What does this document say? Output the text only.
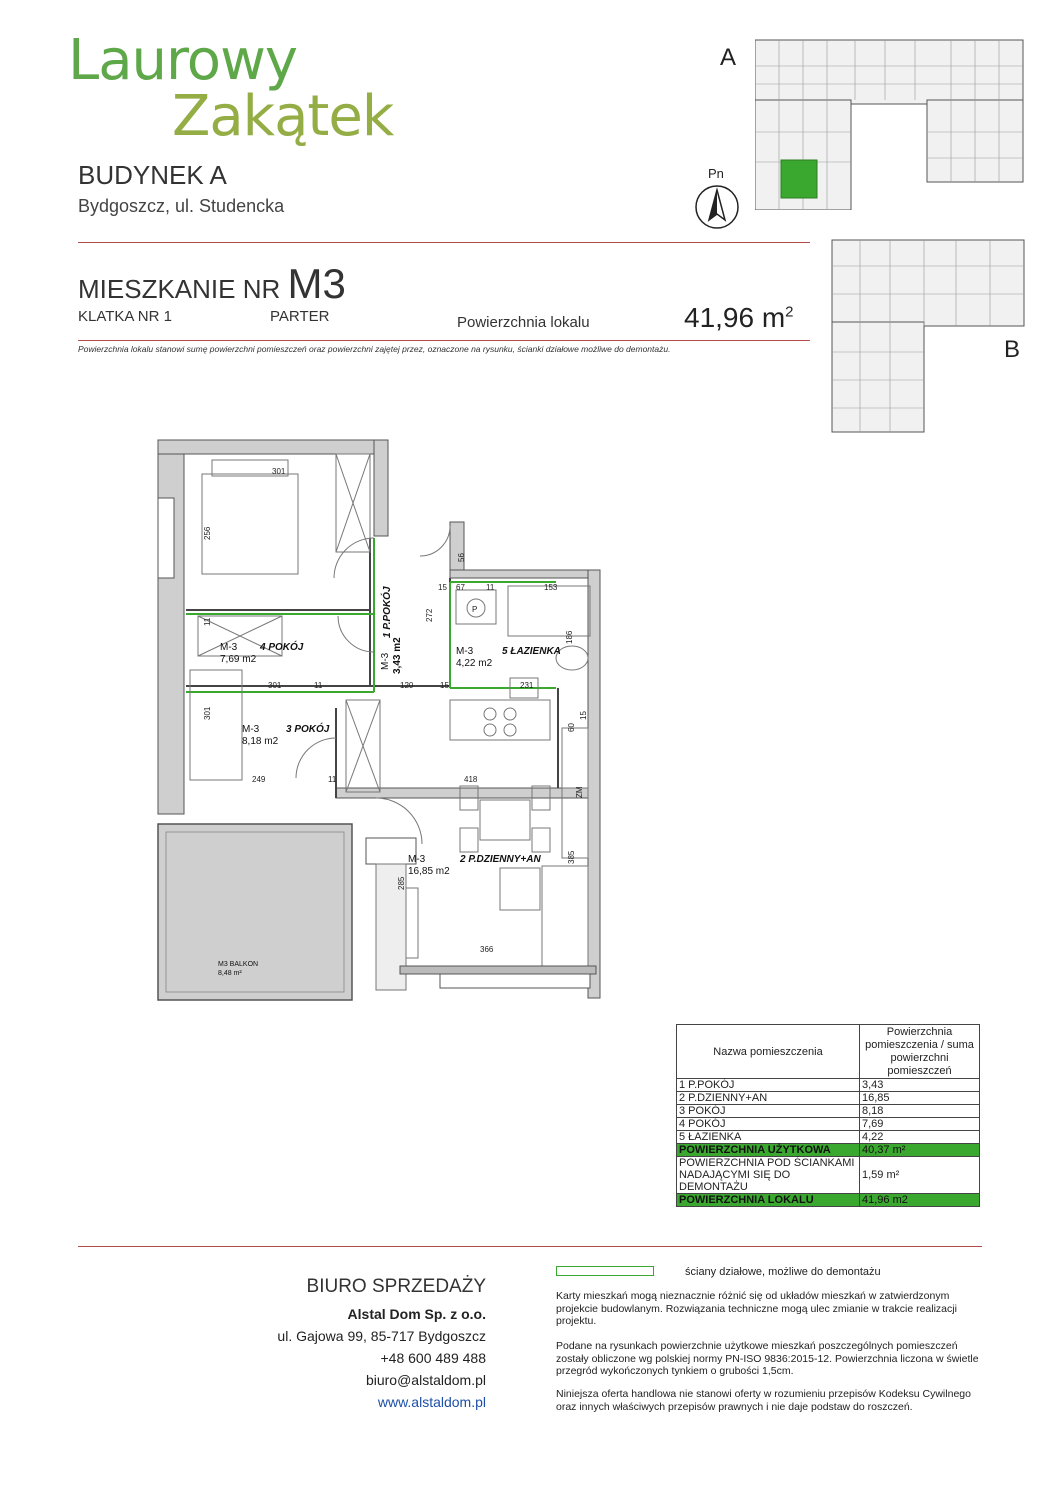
Laurowy
Zakątek
BUDYNEK A
Bydgoszcz, ul. Studencka
MIESZKANIE NR M3
KLATKA NR 1	PARTER	Powierzchnia lokalu	41,96 $m^2$
Powierzchnia lokalu stanowi sumę powierzchni pomieszczeń oraz powierzchni zajętej przez, oznaczone na rysunku, ścianki działowe możliwe do demontażu.
A
B
Pn
M-3 4 POKÓJ
7,69 m2
1 P.POKÓJ
M-3 3,43 m2	M-3	5 ŁAZIENKA
4,22 m2
M-3	3 POKÓJ
8,18 m2
M-3	2 P.DZIENNY+AN
16,85 m2
M3 BALKON
8,48 m²
301
256
11
301
301
249	11
272
15 67	11	153
186
120	15	231
418
385
285
366
56
60
15
11
ZM
P
Nazwa pomieszczenia	Powierzchnia pomieszczenia / suma powierzchni pomieszczeń
1 P.POKÓJ	3,43
2 P.DZIENNY+AN	16,85
3 POKÓJ	8,18
4 POKÓJ	7,69
5 ŁAZIENKA	4,22
POWIERZCHNIA UŻYTKOWA	40,37 m²
POWIERZCHNIA POD ŚCIANKAMI NADAJĄCYMI SIĘ DO DEMONTAŻU	1,59 m²
POWIERZCHNIA LOKALU	41,96 m2
BIURO SPRZEDAŻY
Alstal Dom Sp. z o.o.
ul. Gajowa 99, 85-717 Bydgoszcz
+48 600 489 488
biuro@alstaldom.pl
www.alstaldom.pl
ściany działowe, możliwe do demontażu
Karty mieszkań mogą nieznacznie różnić się od układów mieszkań w zatwierdzonym projekcie budowlanym. Rozwiązania techniczne mogą ulec zmianie w trakcie realizacji projektu.
Podane na rysunkach powierzchnie użytkowe mieszkań poszczególnych pomieszczeń zostały obliczone wg polskiej normy PN-ISO 9836:2015-12. Powierzchnia liczona w świetle przegród wykończonych tynkiem o grubości 1,5cm.
Niniejsza oferta handlowa nie stanowi oferty w rozumieniu przepisów Kodeksu Cywilnego oraz innych właściwych przepisów prawnych i nie daje podstaw do roszczeń.
